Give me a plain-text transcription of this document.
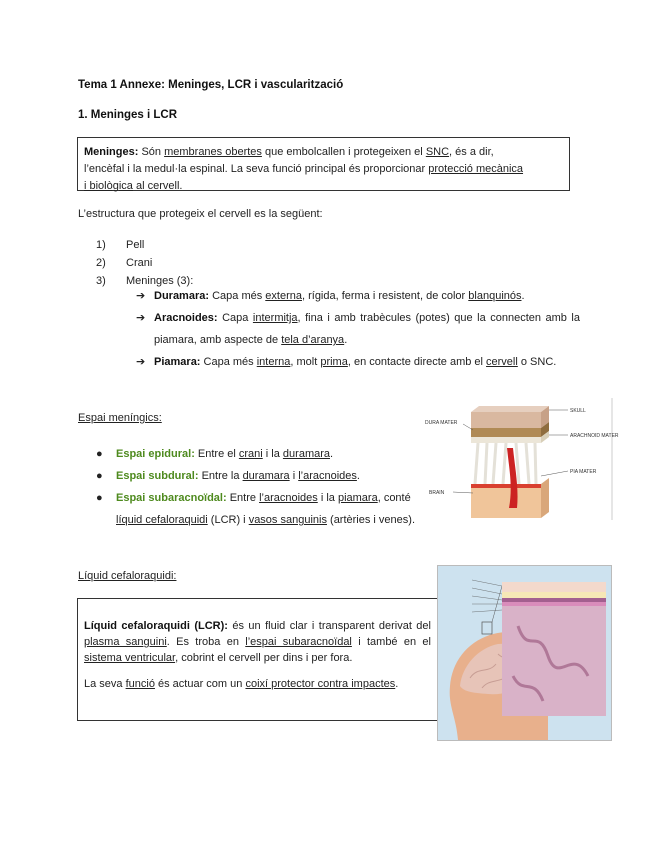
Tema 1 Annexe: Meninges, LCR i vascularització
1. Meninges i LCR
Meninges: Són membranes obertes que embolcallen i protegeixen el SNC, és a dir,
l’encèfal i la medul·la espinal. La seva funció principal és proporcionar protecció mecànica
i biològica al cervell.
L’estructura que protegeix el cervell es la següent:
1) Pell
2) Crani
3) Meninges (3):
➔ Duramara: Capa més externa, rígida, ferma i resistent, de color blanquinós.
➔ Aracnoides: Capa intermitja, fina i amb trabècules (potes) que la connecten amb la piamara, amb aspecte de tela d’aranya.
➔ Piamara: Capa més interna, molt prima, en contacte directe amb el cervell o SNC.
Espai meníngics:
● Espai epidural: Entre el crani i la duramara.
● Espai subdural: Entre la duramara i l’aracnoides.
● Espai subaracnoïdal: Entre l’aracnoides i la piamara, conté líquid cefaloraquidi (LCR) i vasos sanguinis (artèries i venes).
DURA MATER
SKULL
ARACHNOID MATER
PIA MATER
BRAIN
Líquid cefaloraquidi:
Líquid cefaloraquidi (LCR): és un fluid clar i transparent derivat del plasma sanguini. Es troba en l’espai subaracnoïdal i també en el sistema ventricular, cobrint el cervell per dins i per fora.
La seva funció és actuar com un coixí protector contra impactes.
